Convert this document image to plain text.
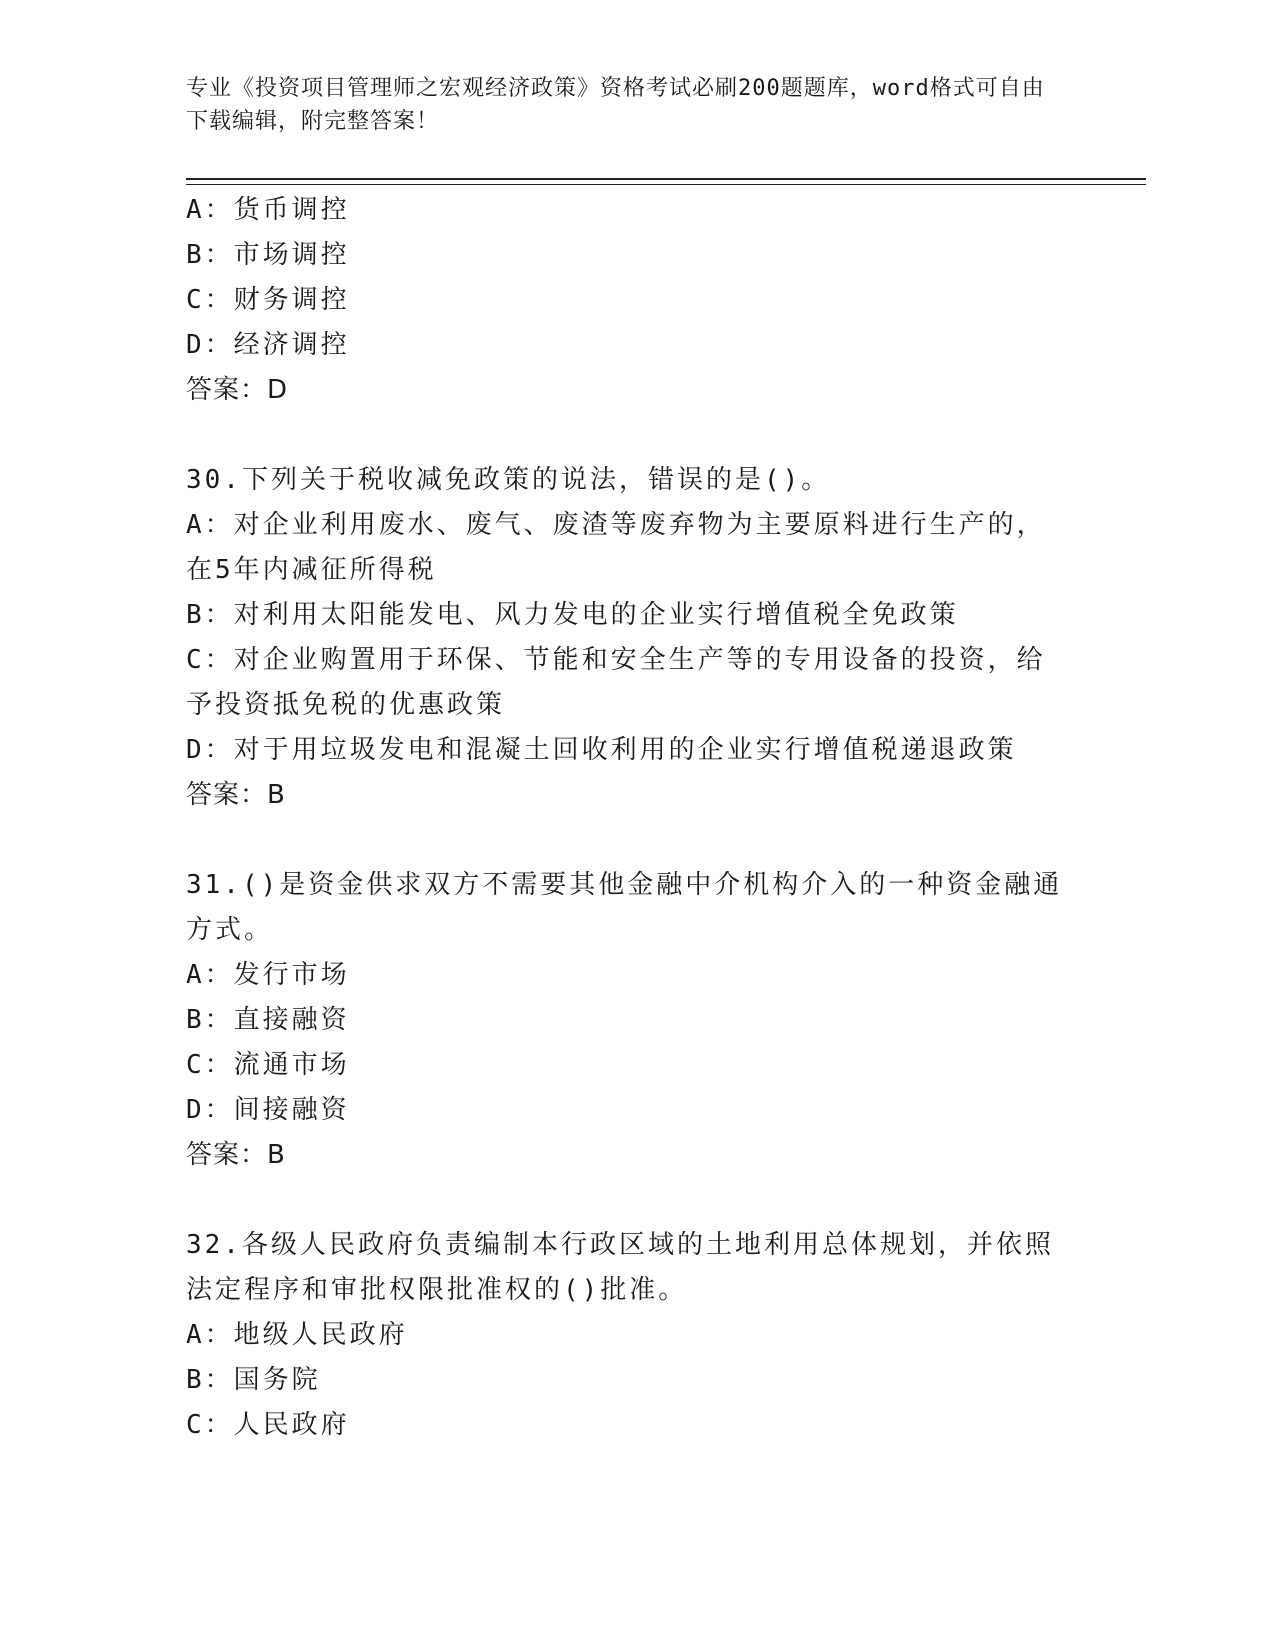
专业《投资项目管理师之宏观经济政策》资格考试必刷200题题库，word格式可自由下载编辑，附完整答案！
A：货币调控
B：市场调控
C：财务调控
D：经济调控
答案：D
30.下列关于税收减免政策的说法，错误的是()。
A：对企业利用废水、废气、废渣等废弃物为主要原料进行生产的，在5年内减征所得税
B：对利用太阳能发电、风力发电的企业实行增值税全免政策
C：对企业购置用于环保、节能和安全生产等的专用设备的投资，给予投资抵免税的优惠政策
D：对于用垃圾发电和混凝土回收利用的企业实行增值税递退政策
答案：B
31.()是资金供求双方不需要其他金融中介机构介入的一种资金融通方式。
A：发行市场
B：直接融资
C：流通市场
D：间接融资
答案：B
32.各级人民政府负责编制本行政区域的土地利用总体规划，并依照法定程序和审批权限批准权的()批准。
A：地级人民政府
B：国务院
C：人民政府
